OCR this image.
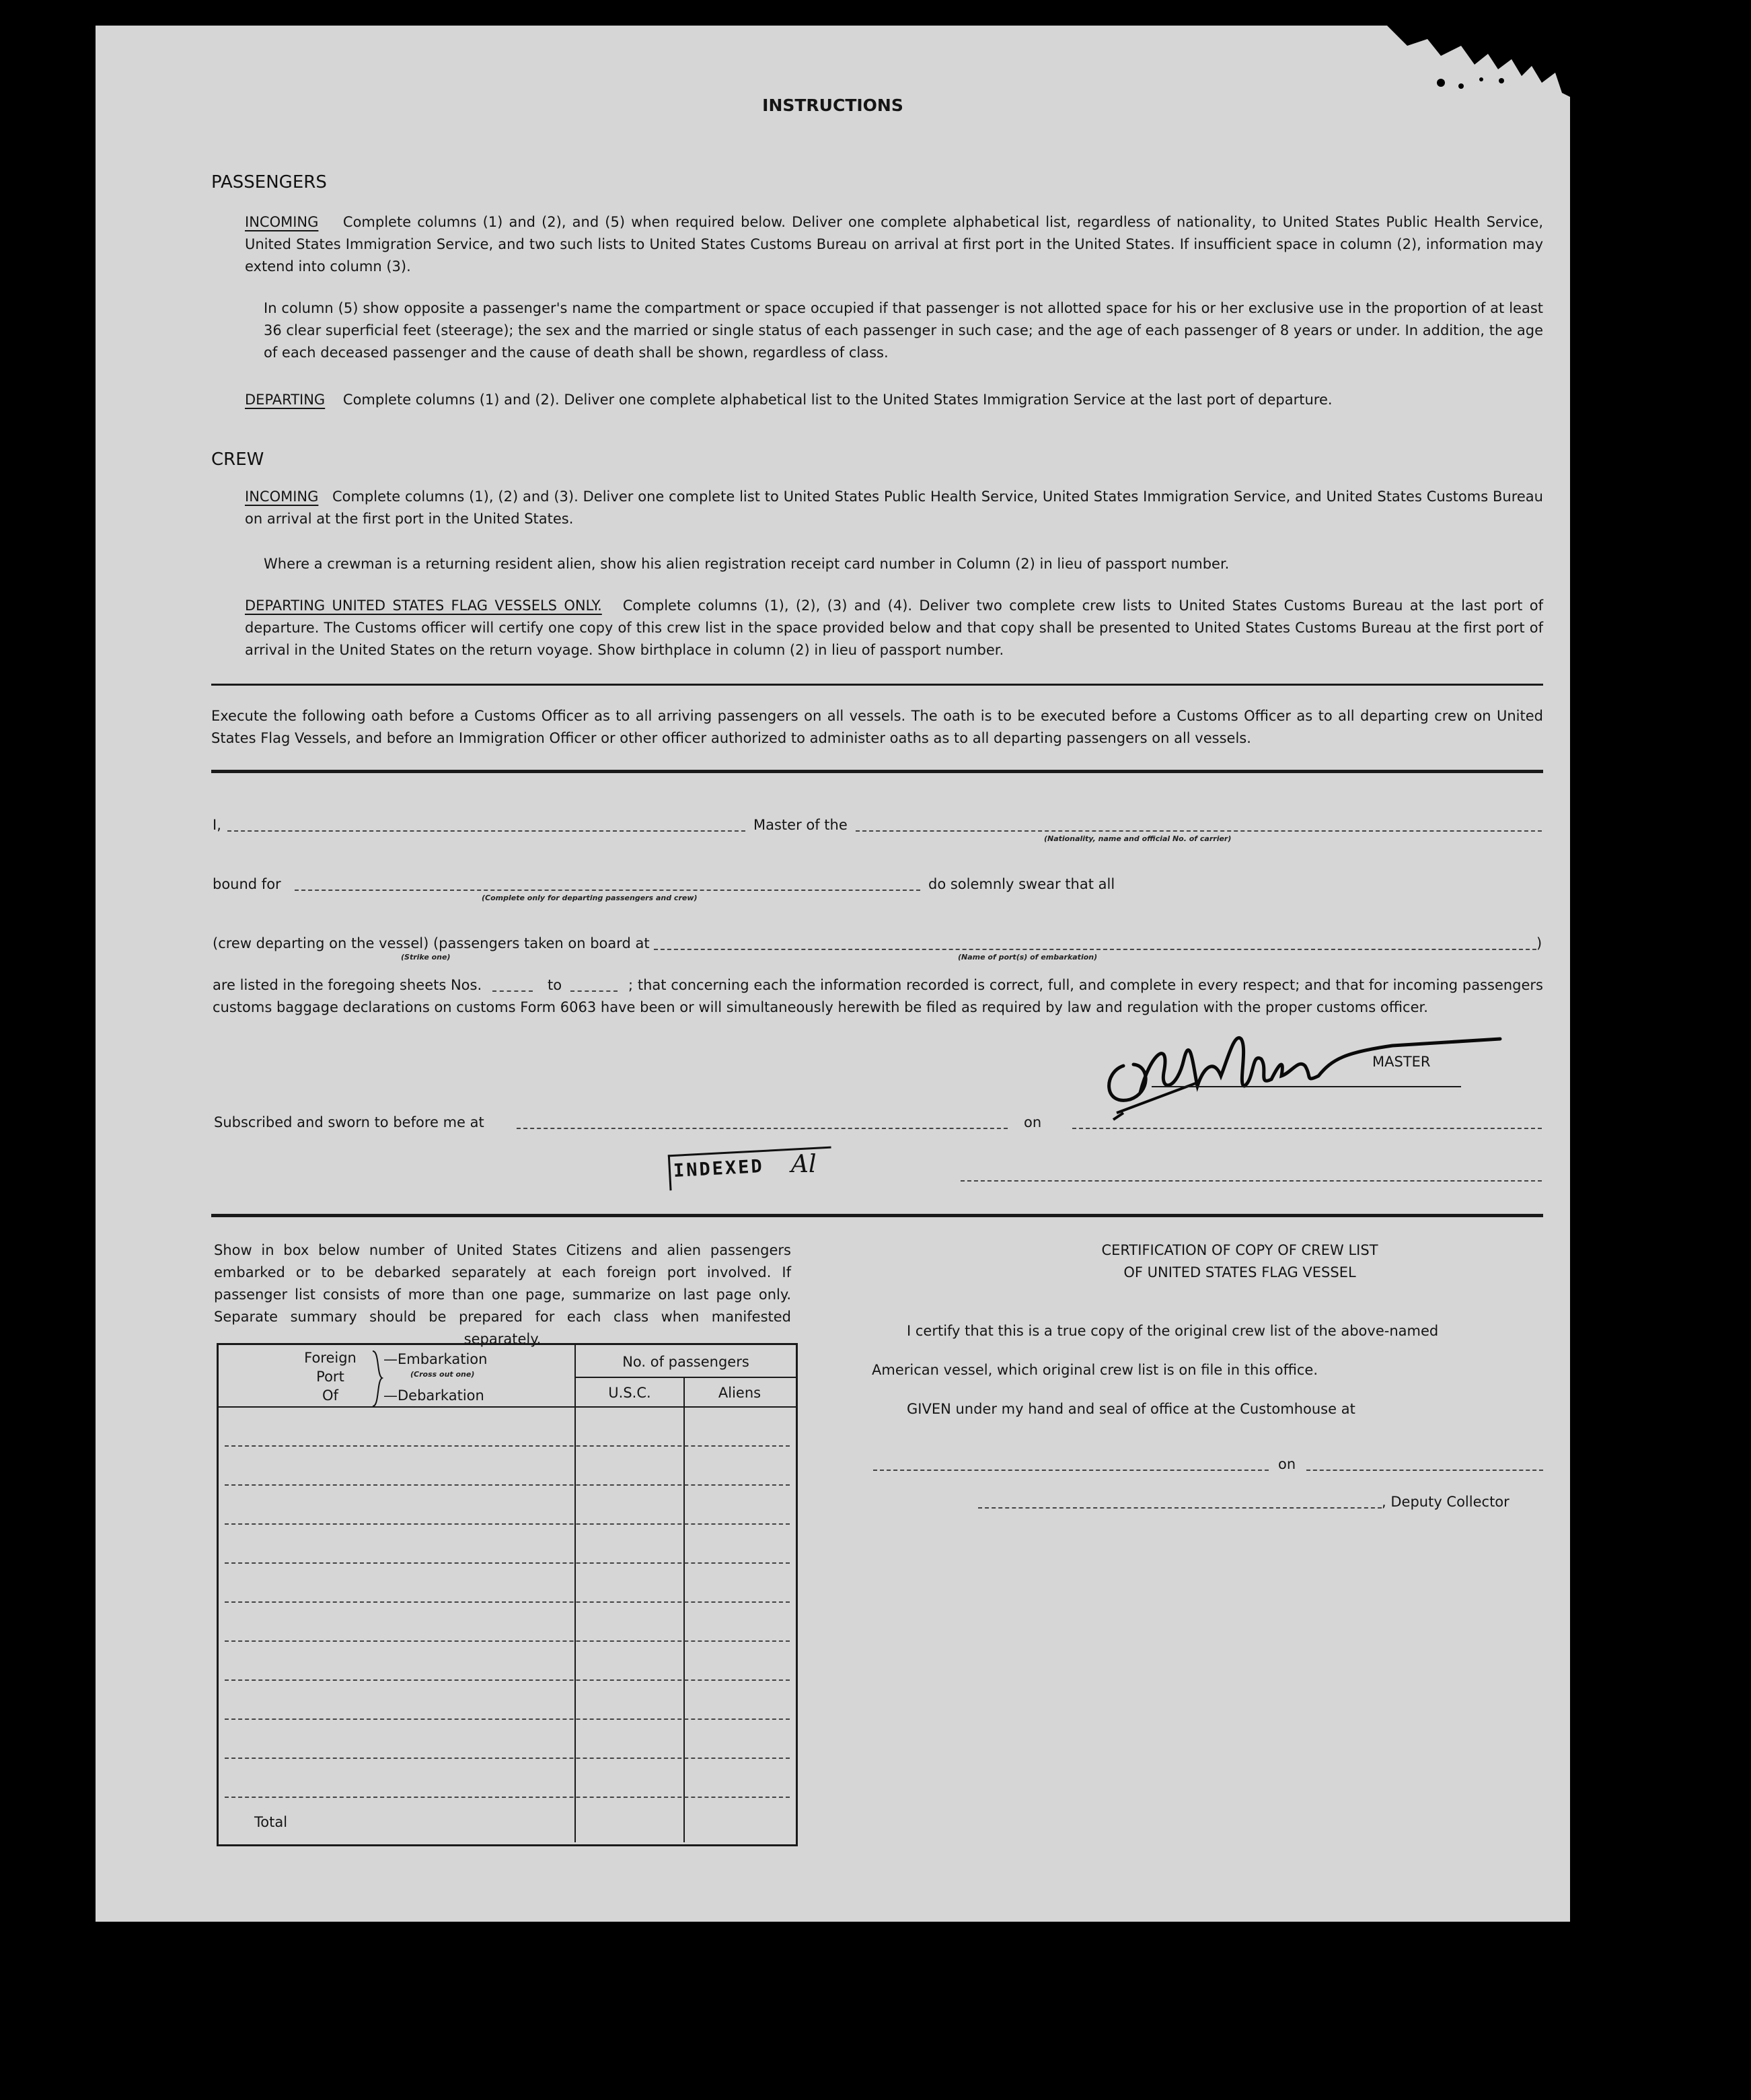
INSTRUCTIONS
PASSENGERS
INCOMING Complete columns (1) and (2), and (5) when required below. Deliver one complete alphabetical list, regardless of nationality, to United States Public Health Service, United States Immigration Service, and two such lists to United States Customs Bureau on arrival at first port in the United States. If insufficient space in column (2), information may extend into column (3).
In column (5) show opposite a passenger's name the compartment or space occupied if that passenger is not allotted space for his or her exclusive use in the proportion of at least 36 clear superficial feet (steerage); the sex and the married or single status of each passenger in such case; and the age of each passenger of 8 years or under. In addition, the age of each deceased passenger and the cause of death shall be shown, regardless of class.
DEPARTING Complete columns (1) and (2). Deliver one complete alphabetical list to the United States Immigration Service at the last port of departure.
CREW
INCOMING Complete columns (1), (2) and (3). Deliver one complete list to United States Public Health Service, United States Immigration Service, and United States Customs Bureau on arrival at the first port in the United States.
Where a crewman is a returning resident alien, show his alien registration receipt card number in Column (2) in lieu of passport number.
DEPARTING UNITED STATES FLAG VESSELS ONLY. Complete columns (1), (2), (3) and (4). Deliver two complete crew lists to United States Customs Bureau at the last port of departure. The Customs officer will certify one copy of this crew list in the space provided below and that copy shall be presented to United States Customs Bureau at the first port of arrival in the United States on the return voyage. Show birthplace in column (2) in lieu of passport number.
Execute the following oath before a Customs Officer as to all arriving passengers on all vessels. The oath is to be executed before a Customs Officer as to all departing crew on United States Flag Vessels, and before an Immigration Officer or other officer authorized to administer oaths as to all departing passengers on all vessels.
I,	Master of the
(Nationality, name and official No. of carrier)
bound for
(Complete only for departing passengers and crew)
do solemnly swear that all
(crew departing on the vessel) (passengers taken on board at	)
(Strike one)	(Name of port(s) of embarkation)
are listed in the foregoing sheets Nos.	to	; that concerning each the information recorded is correct, full, and complete in every respect; and that for incoming passengers customs baggage declarations on customs Form 6063 have been or will simultaneously herewith be filed as required by law and regulation with the proper customs officer.
MASTER
Subscribed and sworn to before me at	on
INDEXED Al
Show in box below number of United States Citizens and alien passengers embarked or to be debarked separately at each foreign port involved. If passenger list consists of more than one page, summarize on last page only. Separate summary should be prepared for each class when manifested separately.
Foreign
Port
Of
—Embarkation
(Cross out one)
—Debarkation
No. of passengers
U.S.C.	Aliens
Total
CERTIFICATION OF COPY OF CREW LIST
OF UNITED STATES FLAG VESSEL
I certify that this is a true copy of the original crew list of the above-named
American vessel, which original crew list is on file in this office.
GIVEN under my hand and seal of office at the Customhouse at
on
, Deputy Collector
